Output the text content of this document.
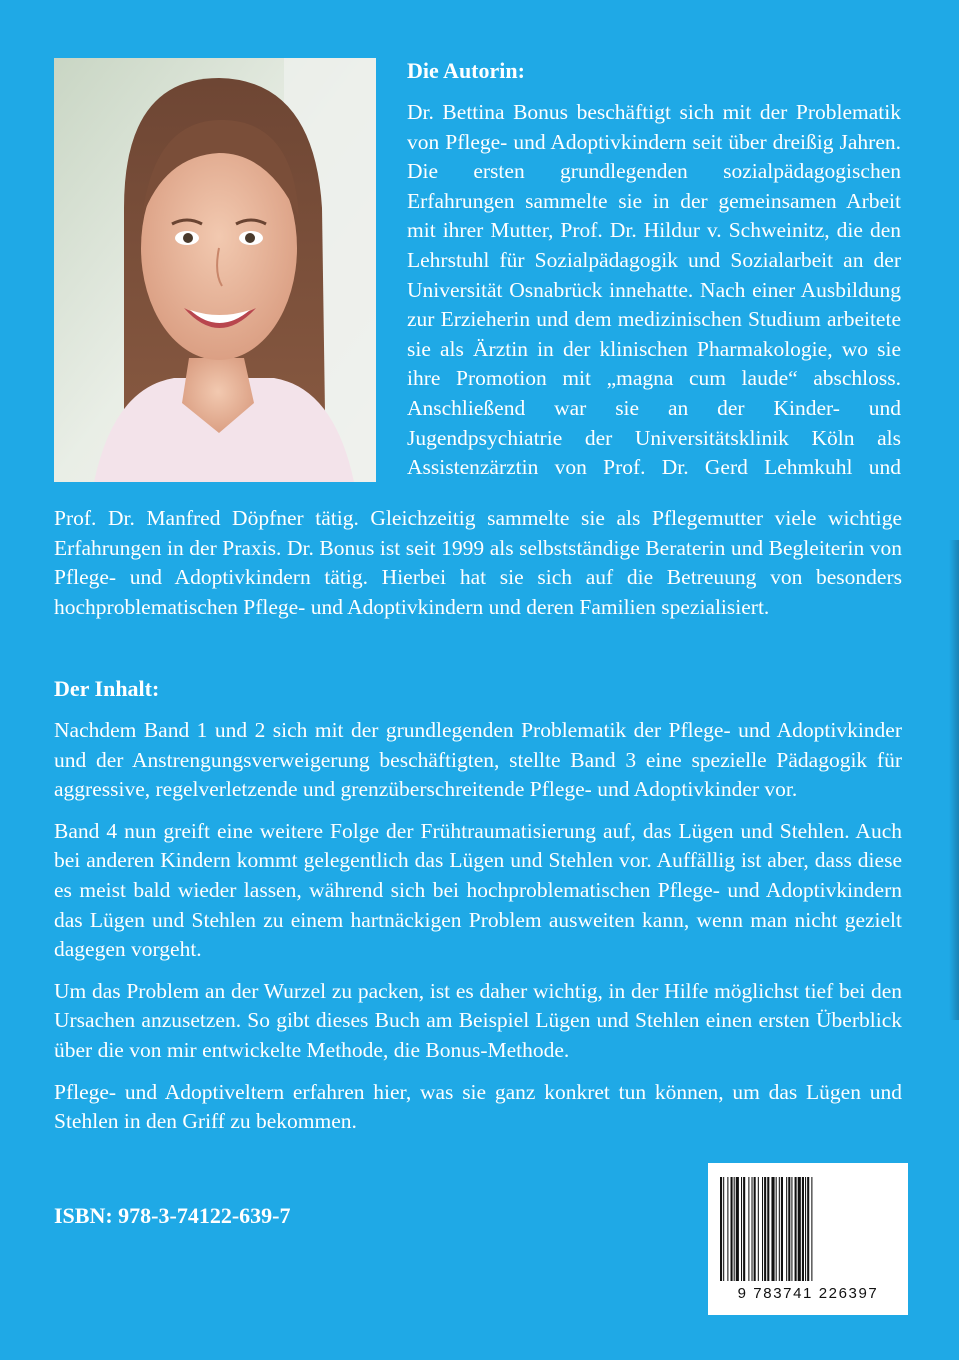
Die Autorin:

Dr. Bettina Bonus beschäftigt sich mit der Problematik von Pflege- und Adoptivkindern seit über dreißig Jahren. Die ersten grundlegenden sozialpädagogischen Erfahrungen sammelte sie in der gemeinsamen Arbeit mit ihrer Mutter, Prof. Dr. Hildur v. Schweinitz, die den Lehrstuhl für Sozialpädagogik und Sozialarbeit an der Universität Osnabrück innehatte. Nach einer Ausbildung zur Erzieherin und dem medizinischen Studium arbeitete sie als Ärztin in der klinischen Pharmakologie, wo sie ihre Promotion mit „magna cum laude“ abschloss. Anschließend war sie an der Kinder- und Jugendpsychiatrie der Universitätsklinik Köln als Assistenzärztin von Prof. Dr. Gerd Lehmkuhl und

Prof. Dr. Manfred Döpfner tätig. Gleichzeitig sammelte sie als Pflegemutter viele wichtige Erfahrungen in der Praxis. Dr. Bonus ist seit 1999 als selbstständige Beraterin und Begleiterin von Pflege- und Adoptivkindern tätig. Hierbei hat sie sich auf die Betreuung von besonders hochproblematischen Pflege- und Adoptivkindern und deren Familien spezialisiert.

Der Inhalt:

Nachdem Band 1 und 2 sich mit der grundlegenden Problematik der Pflege- und Adoptivkinder und der Anstrengungsverweigerung beschäftigten, stellte Band 3 eine spezielle Pädagogik für aggressive, regelverletzende und grenzüberschreitende Pflege- und Adoptivkinder vor.

Band 4 nun greift eine weitere Folge der Frühtraumatisierung auf, das Lügen und Stehlen. Auch bei anderen Kindern kommt gelegentlich das Lügen und Stehlen vor. Auffällig ist aber, dass diese es meist bald wieder lassen, während sich bei hochproblematischen Pflege- und Adoptivkindern das Lügen und Stehlen zu einem hartnäckigen Problem ausweiten kann, wenn man nicht gezielt dagegen vorgeht.

Um das Problem an der Wurzel zu packen, ist es daher wichtig, in der Hilfe möglichst tief bei den Ursachen anzusetzen. So gibt dieses Buch am Beispiel Lügen und Stehlen einen ersten Überblick über die von mir entwickelte Methode, die Bonus-Methode.

Pflege- und Adoptiveltern erfahren hier, was sie ganz konkret tun können, um das Lügen und Stehlen in den Griff zu bekommen.

ISBN: 978-3-74122-639-7
9 783741 226397
